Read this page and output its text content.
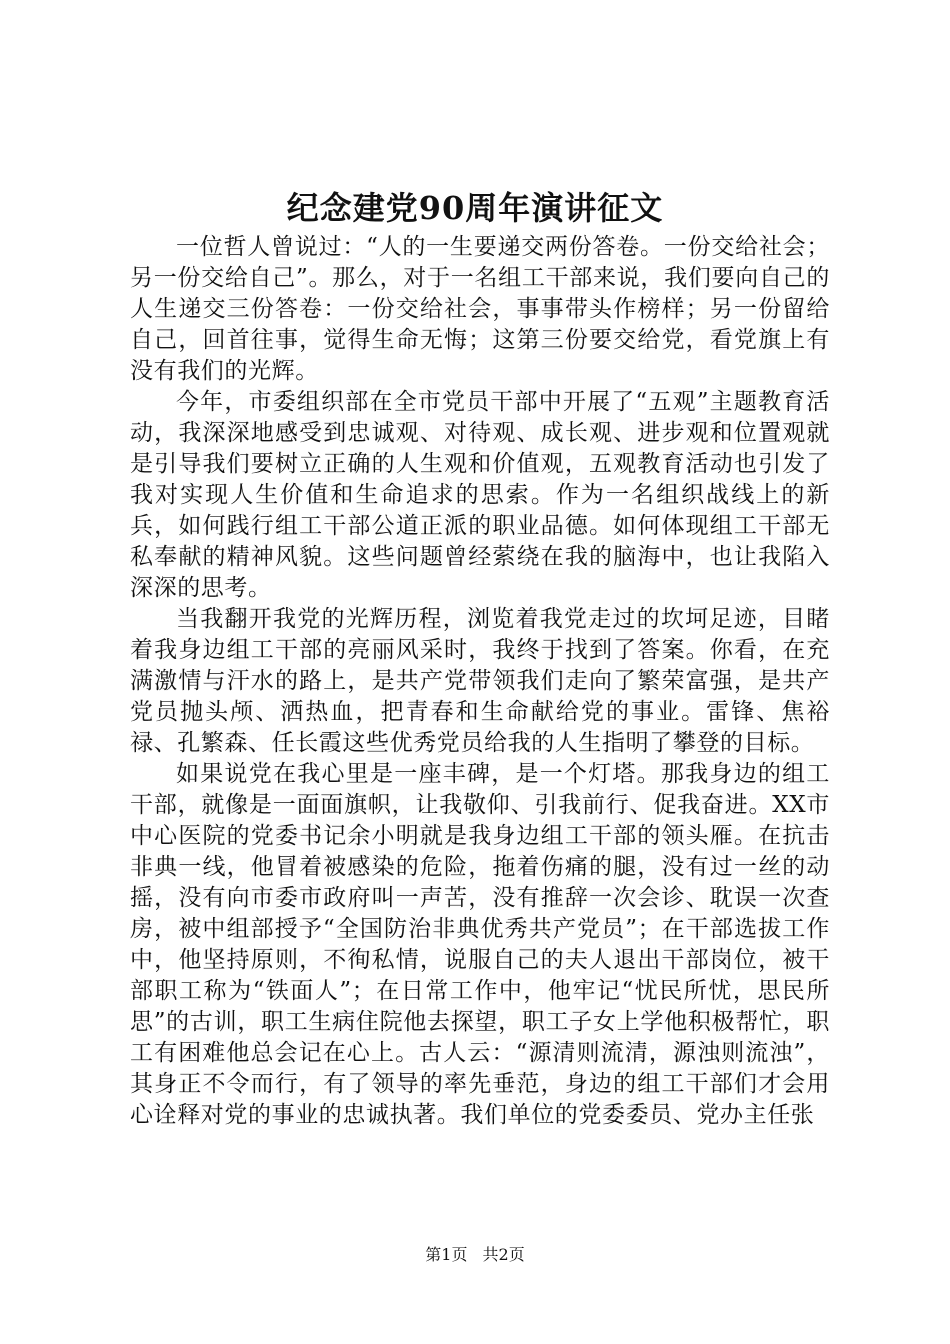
纪念建党90周年演讲征文

一位哲人曾说过：“人的一生要递交两份答卷。一份交给社会；另一份交给自己”。那么，对于一名组工干部来说，我们要向自己的人生递交三份答卷：一份交给社会，事事带头作榜样；另一份留给自己，回首往事，觉得生命无悔；这第三份要交给党，看党旗上有没有我们的光辉。

今年，市委组织部在全市党员干部中开展了“五观”主题教育活动，我深深地感受到忠诚观、对待观、成长观、进步观和位置观就是引导我们要树立正确的人生观和价值观，五观教育活动也引发了我对实现人生价值和生命追求的思索。作为一名组织战线上的新兵，如何践行组工干部公道正派的职业品德。如何体现组工干部无私奉献的精神风貌。这些问题曾经萦绕在我的脑海中，也让我陷入深深的思考。

当我翻开我党的光辉历程，浏览着我党走过的坎坷足迹，目睹着我身边组工干部的亮丽风采时，我终于找到了答案。你看，在充满激情与汗水的路上，是共产党带领我们走向了繁荣富强，是共产党员抛头颅、洒热血，把青春和生命献给党的事业。雷锋、焦裕禄、孔繁森、任长霞这些优秀党员给我的人生指明了攀登的目标。

如果说党在我心里是一座丰碑，是一个灯塔。那我身边的组工干部，就像是一面面旗帜，让我敬仰、引我前行、促我奋进。XX市中心医院的党委书记余小明就是我身边组工干部的领头雁。在抗击非典一线，他冒着被感染的危险，拖着伤痛的腿，没有过一丝的动摇，没有向市委市政府叫一声苦，没有推辞一次会诊、耽误一次查房，被中组部授予“全国防治非典优秀共产党员”；在干部选拔工作中，他坚持原则，不徇私情，说服自己的夫人退出干部岗位，被干部职工称为“铁面人”；在日常工作中，他牢记“忧民所忧，思民所思”的古训，职工生病住院他去探望，职工子女上学他积极帮忙，职工有困难他总会记在心上。古人云：“源清则流清，源浊则流浊”，其身正不令而行，有了领导的率先垂范，身边的组工干部们才会用心诠释对党的事业的忠诚执著。我们单位的党委委员、党办主任张

第1页 共2页
